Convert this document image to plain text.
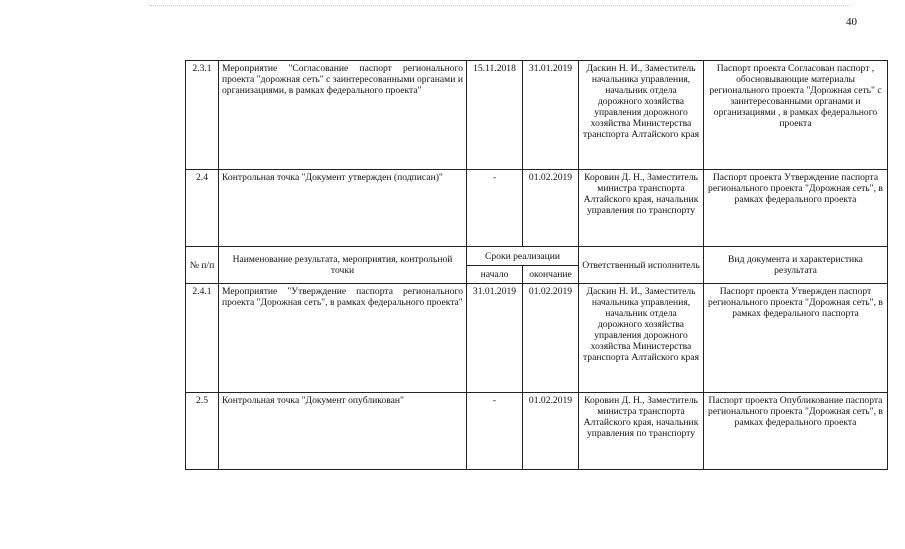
40
2.3.1	Мероприятие "Согласование паспорт регионального проекта "дорожная сеть" с заинтересованными органами и организациями, в рамках федерального проекта"	15.11.2018	31.01.2019	Даскин Н. И., Заместитель начальника управления, начальник отдела дорожного хозяйства управления дорожного хозяйства Министерства транспорта Алтайского края	Паспорт проекта Согласован паспорт , обосновывающие материалы регионального проекта "Дорожная сеть" с заинтересованными органами и организациями , в рамках федерального проекта
2.4	Контрольная точка "Документ утвержден (подписан)"	-	01.02.2019	Коровин Д. Н., Заместитель министра транспорта Алтайского края, начальник управления по транспорту	Паспорт проекта Утверждение паспорта регионального проекта "Дорожная сеть", в рамках федерального проекта
№ п/п	Наименование результата, мероприятия, контрольной точки	Сроки реализации		Ответственный исполнитель	Вид документа и характеристика результата
		начало	окончание		
2.4.1	Мероприятие "Утверждение паспорта регионального проекта "Дорожная сеть", в рамках федерального проекта"	31.01.2019	01.02.2019	Даскин Н. И., Заместитель начальника управления, начальник отдела дорожного хозяйства управления дорожного хозяйства Министерства транспорта Алтайского края	Паспорт проекта Утвержден паспорт регионального проекта "Дорожная сеть", в рамках федерального паспорта
2.5	Контрольная точка "Документ опубликован"	-	01.02.2019	Коровин Д. Н., Заместитель министра транспорта Алтайского края, начальник управления по транспорту	Паспорт проекта Опубликование паспорта регионального проекта "Дорожная сеть", в рамках федерального проекта
